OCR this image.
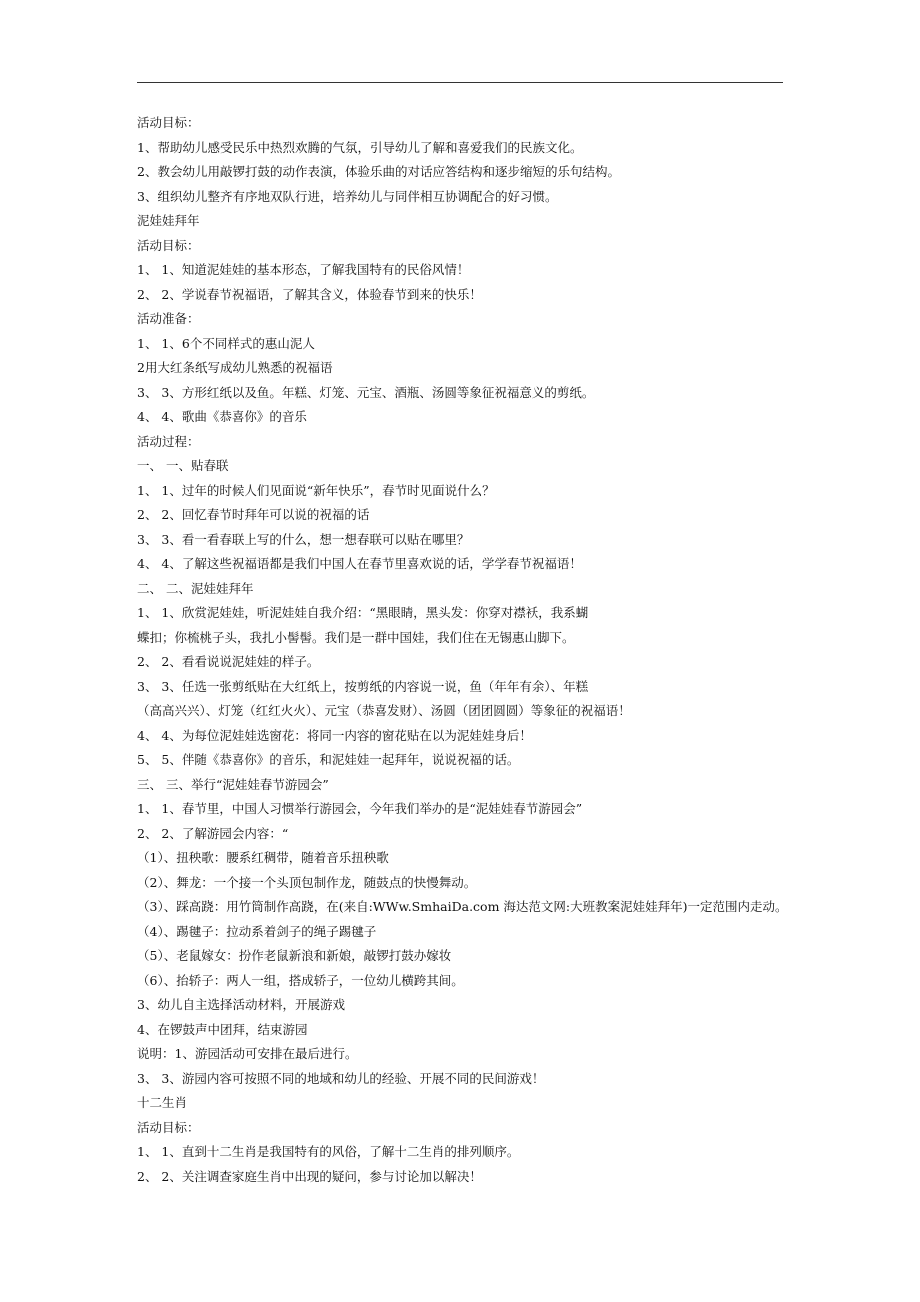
活动目标：
1、帮助幼儿感受民乐中热烈欢腾的气氛，引导幼儿了解和喜爱我们的民族文化。
2、教会幼儿用敲锣打鼓的动作表演，体验乐曲的对话应答结构和逐步缩短的乐句结构。
3、组织幼儿整齐有序地双队行进，培养幼儿与同伴相互协调配合的好习惯。
泥娃娃拜年
活动目标：
1、 1、知道泥娃娃的基本形态，了解我国特有的民俗风情！
2、 2、学说春节祝福语，了解其含义，体验春节到来的快乐！
活动准备：
1、 1、6个不同样式的惠山泥人
2用大红条纸写成幼儿熟悉的祝福语
3、 3、方形红纸以及鱼。年糕、灯笼、元宝、酒瓶、汤圆等象征祝福意义的剪纸。
4、 4、歌曲《恭喜你》的音乐
活动过程：
一、 一、贴春联
1、 1、过年的时候人们见面说“新年快乐”，春节时见面说什么？
2、 2、回忆春节时拜年可以说的祝福的话
3、 3、看一看春联上写的什么，想一想春联可以贴在哪里？
4、 4、了解这些祝福语都是我们中国人在春节里喜欢说的话，学学春节祝福语！
二、 二、泥娃娃拜年
1、 1、欣赏泥娃娃，听泥娃娃自我介绍：“黑眼睛，黑头发：你穿对襟袄，我系蝴
蝶扣；你梳桃子头，我扎小髻髻。我们是一群中国娃，我们住在无锡惠山脚下。
2、 2、看看说说泥娃娃的样子。
3、 3、任选一张剪纸贴在大红纸上，按剪纸的内容说一说，鱼（年年有余）、年糕
（高高兴兴）、灯笼（红红火火）、元宝（恭喜发财）、汤圆（团团圆圆）等象征的祝福语！
4、 4、为每位泥娃娃选窗花：将同一内容的窗花贴在以为泥娃娃身后！
5、 5、伴随《恭喜你》的音乐，和泥娃娃一起拜年，说说祝福的话。
三、 三、举行“泥娃娃春节游园会”
1、 1、春节里，中国人习惯举行游园会，今年我们举办的是“泥娃娃春节游园会”
2、 2、了解游园会内容：“
（1）、扭秧歌：腰系红稠带，随着音乐扭秧歌
（2）、舞龙：一个接一个头顶包制作龙，随鼓点的快慢舞动。
（3）、踩高跷：用竹筒制作高跷，在(来自:WWw.SmhaiDa.com 海达范文网:大班教案泥娃娃拜年)一定范围内走动。
（4）、踢毽子：拉动系着剑子的绳子踢毽子
（5）、老鼠嫁女：扮作老鼠新浪和新娘，敲锣打鼓办嫁妆
（6）、抬轿子：两人一组，搭成轿子，一位幼儿横跨其间。
3、幼儿自主选择活动材料，开展游戏
4、在锣鼓声中团拜，结束游园
说明：1、游园活动可安排在最后进行。
3、 3、游园内容可按照不同的地域和幼儿的经验、开展不同的民间游戏！
十二生肖
活动目标：
1、 1、直到十二生肖是我国特有的风俗，了解十二生肖的排列顺序。
2、 2、关注调查家庭生肖中出现的疑问，参与讨论加以解决！
